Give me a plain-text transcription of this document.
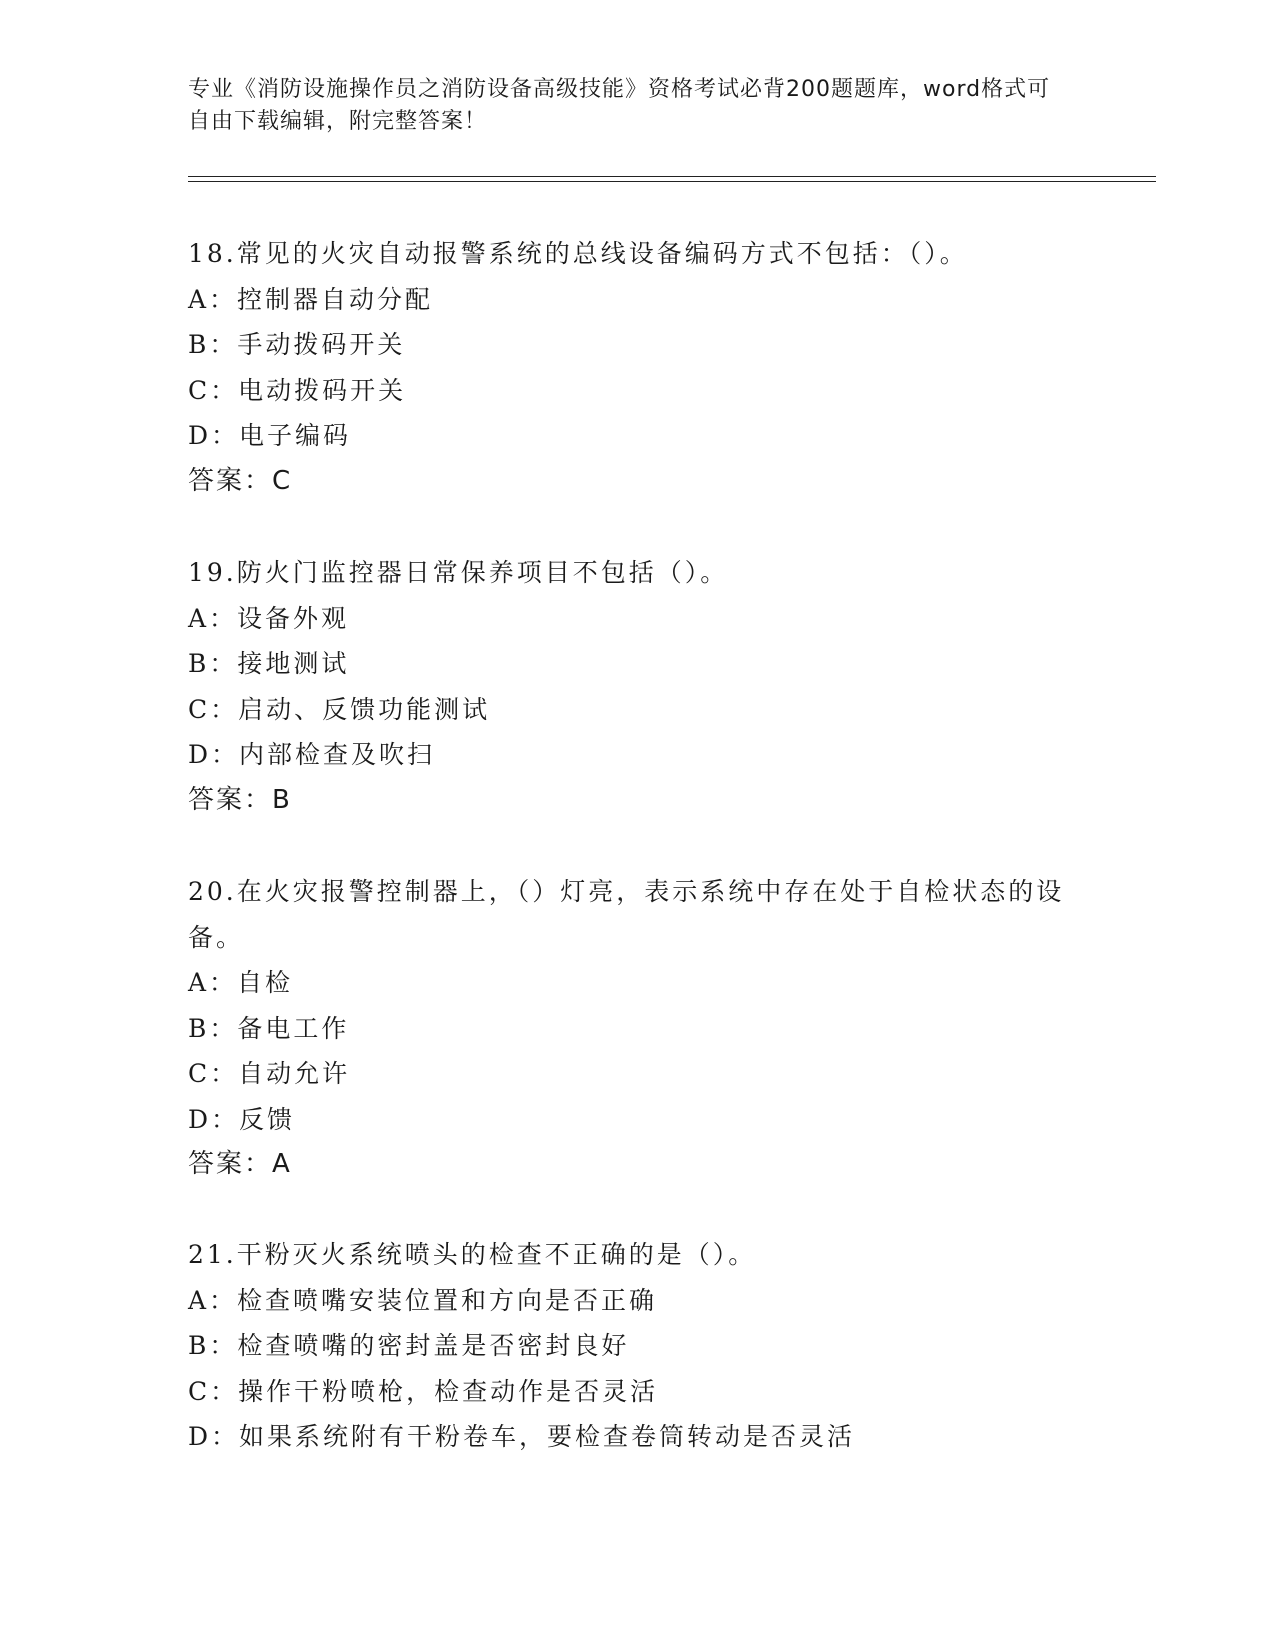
专业《消防设施操作员之消防设备高级技能》资格考试必背200题题库，word格式可自由下载编辑，附完整答案！

18.常见的火灾自动报警系统的总线设备编码方式不包括：（）。

A：控制器自动分配

B：手动拨码开关

C：电动拨码开关

D：电子编码

答案：C

19.防火门监控器日常保养项目不包括（）。

A：设备外观

B：接地测试

C：启动、反馈功能测试

D：内部检查及吹扫

答案：B

20.在火灾报警控制器上，（）灯亮，表示系统中存在处于自检状态的设备。

A：自检

B：备电工作

C：自动允许

D：反馈

答案：A

21.干粉灭火系统喷头的检查不正确的是（）。

A：检查喷嘴安装位置和方向是否正确

B：检查喷嘴的密封盖是否密封良好

C：操作干粉喷枪，检查动作是否灵活

D：如果系统附有干粉卷车，要检查卷筒转动是否灵活
